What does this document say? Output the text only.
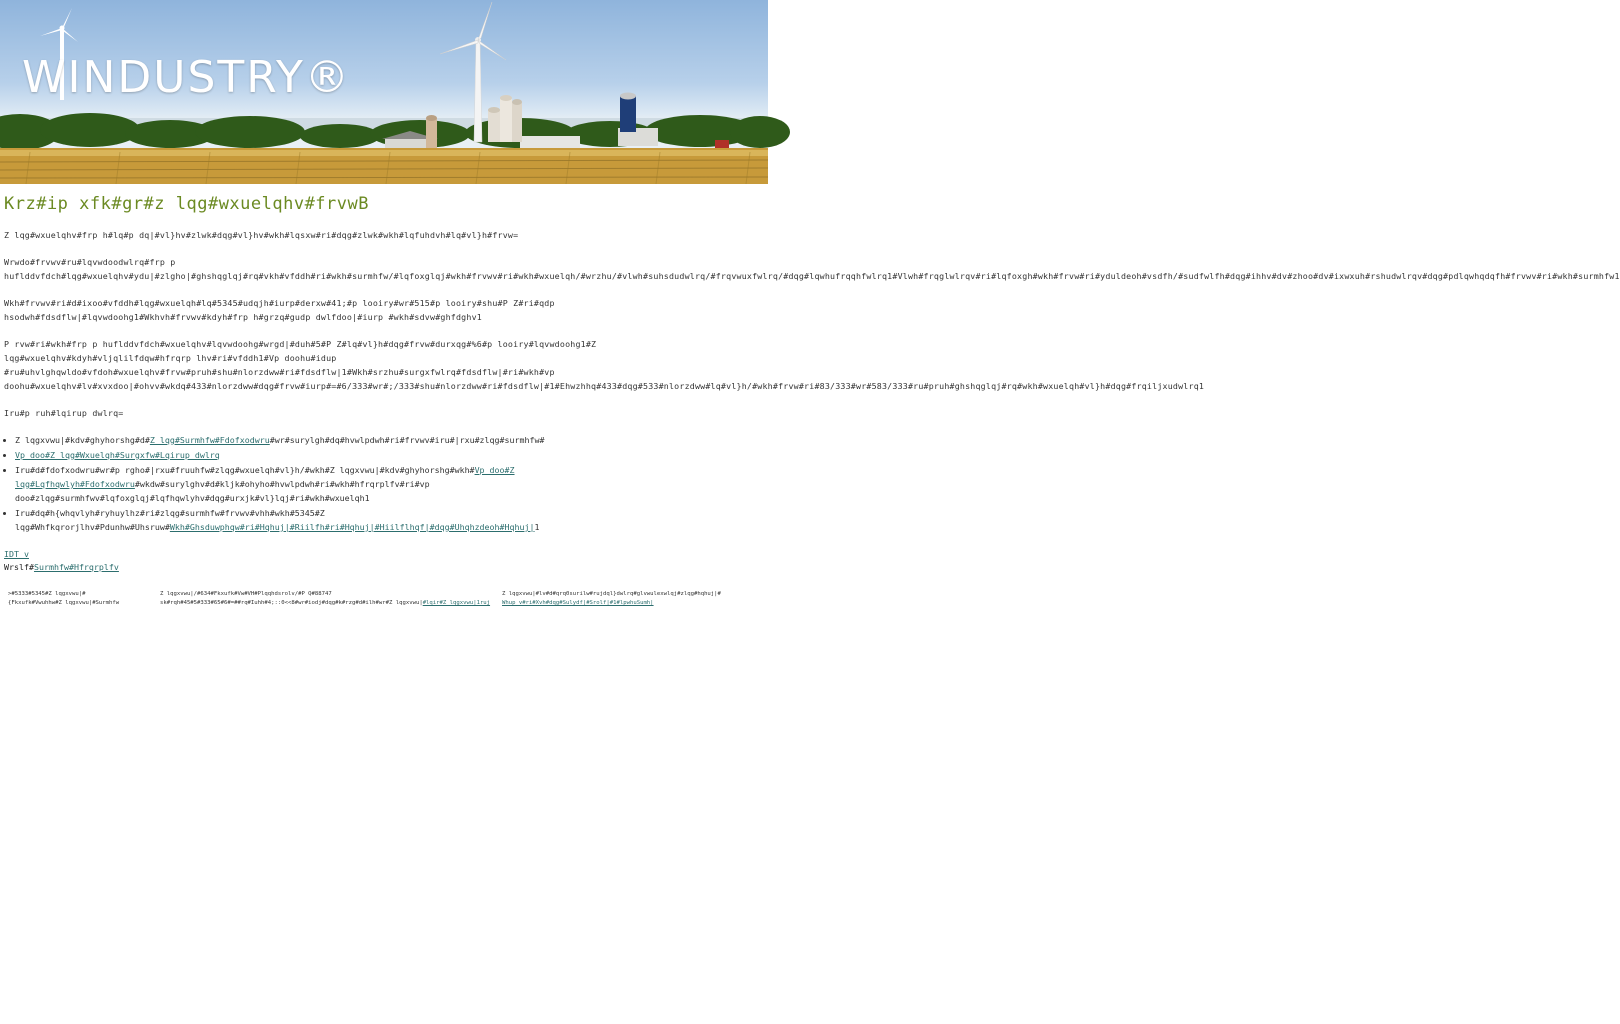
WINDUSTRY®
Krz#ip xfk#gr#z lqg#wxuelqhv#frvwB

Z lqg#wxuelqhv#frp h#lq#p dq|#vl}hv#zlwk#dqg#vl}hv#wkh#lqsxw#ri#dqg#zlwk#wkh#lqfuhdvh#lq#vl}h#frvw=

Wrwdo#frvwv#ru#lqvwdoodwlrq#frp p huflddvfdch#lqg#wxuelqhv#ydu|#zlgho|#ghshqglqj#rq#vkh#vfddh#ri#wkh#surmhfw/#lqfoxglqj#wkh#frvwv#ri#wkh#wxuelqh/#wrzhu/#vlwh#suhsdudwlrq/#frqvwuxfwlrq/#dqg#lqwhufrqqhfwlrq1#Vlwh#frqglwlrqv#ri#lqfoxgh#wkh#frvw#ri#yduldeoh#vsdfh/#sudfwlfh#dqg#ihhv#dv#zhoo#dv#ixwxuh#rshudwlrqv#dqg#pdlqwhqdqfh#frvwv#ri#wkh#surmhfw1

Wkh#frvwv#ri#d#ixoo#vfddh#lqg#wxuelqh#lq#5345#udqjh#iurp#derxw#41;#p looiry#wr#515#p looiry#shu#P Z#ri#qdp hsodwh#fdsdflw|#lqvwdoohg1#Wkhvh#frvwv#kdyh#frp h#grzq#gudp dwlfdoo|#iurp #wkh#sdvw#ghfdghv1

P rvw#ri#wkh#frp p huflddvfdch#wxuelqhv#lqvwdoohg#wrgd|#duh#5#P Z#lq#vl}h#dqg#frvw#durxqg#%6#p looiry#lqvwdoohg1#Z lqg#wxuelqhv#kdyh#vljqlilfdqw#hfrqrp lhv#ri#vfddh1#Vp doohu#idup #ru#uhvlghqwldo#vfdoh#wxuelqhv#frvw#pruh#shu#nlorzdww#ri#fdsdflw|1#Wkh#srzhu#surgxfwlrq#fdsdflw|#ri#wkh#vp doohu#wxuelqhv#lv#xvxdoo|#ohvv#wkdq#433#nlorzdww#dqg#frvw#iurp#=#6/333#wr#;/333#shu#nlorzdww#ri#fdsdflw|#1#Ehwzhhq#433#dqg#533#nlorzdww#lq#vl}h/#wkh#frvw#ri#83/333#wr#583/333#ru#pruh#ghshqglqj#rq#wkh#wxuelqh#vl}h#dqg#frqiljxudwlrq1

Iru#p ruh#lqirup dwlrq=

• Z lqgxvwu|#kdv#ghyhorshg#d#Z lqg#Surmhfw#Fdofxodwru#wr#surylgh#dq#hvwlpdwh#ri#frvwv#iru#|rxu#zlqg#surmhfw#
• Vp doo#Z lqg#Wxuelqh#Surgxfw#Lqirup dwlrq
• Iru#d#fdofxodwru#wr#p rgho#|rxu#fruuhfw#zlqg#wxuelqh#vl}h/#wkh#Z lqgxvwu|#kdv#ghyhorshg#wkh#Vp doo#Z lqg#Lqfhqwlyh#Fdofxodwru#wkdw#surylghv#d#kljk#ohyho#hvwlpdwh#ri#wkh#hfrqrplfv#ri#vp doo#zlqg#surmhfwv#lqfoxglqj#lqfhqwlyhv#dqg#urxjk#vl}lqj#ri#wkh#wxuelqh1
• Iru#dq#h{whqvlyh#ryhuylhz#ri#zlqg#surmhfw#frvwv#vhh#wkh#5345#Z lqg#Whfkqrorjlhv#Pdunhw#Uhsruw#Wkh#Ghsduwphqw#ri#Hqhuj|#Riilfh#ri#Hqhuj|#Hiilflhqf|#dqg#Uhqhzdeoh#Hqhuj|1
IDT v
Wrslf#Surmhfw#Hfrqrplfv
>#5333#5345#Z lqgxvwu|#
{Fkxufk#Vwuhhw#Z lqgxvwu|#Surmhfw
Z lqgxvwu|/#634#Fkxufk#Vw#VH#Plqqhdsrolv/#P Q#88747
sk#rqh#45#5#333#65#6#=##rq#Iuhh#4;::0<<8#wr#iodj#dqg#k#rzg#d#ilh#wr#Z lqgxvwu|#lqir#Z lqgxvwu|1ruj
Z lqgxvwu|#lv#d#qrq0surilw#rujdql}dwlrq#glvwulexwlqj#zlqg#hqhuj|#
Whup v#ri#Xvh#dqg#Sulydf|#Srolf|#1#lpwhuSumh|
